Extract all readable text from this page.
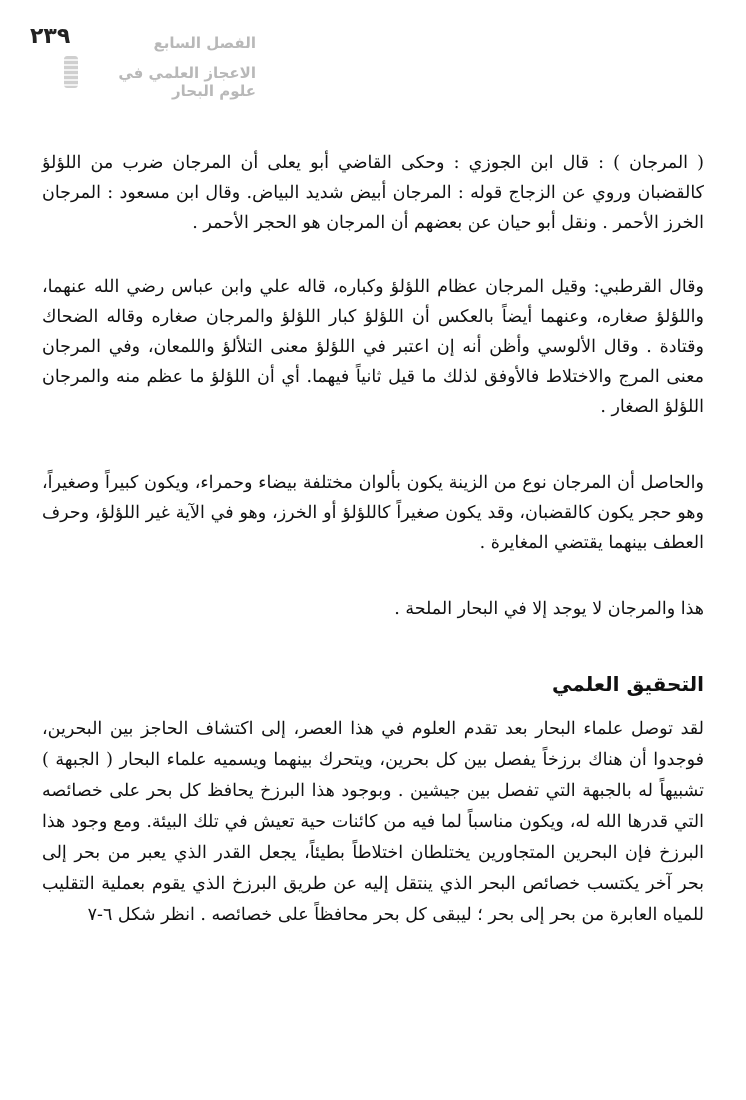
٢٣٩	الفصل السابع
الاعجاز العلمي في علوم البحار

( المرجان ) : قال ابن الجوزي : وحكى القاضي أبو يعلى أن المرجان ضرب من اللؤلؤ كالقضبان وروي عن الزجاج قوله : المرجان أبيض شديد البياض. وقال ابن مسعود : المرجان الخرز الأحمر . ونقل أبو حيان عن بعضهم أن المرجان هو الحجر الأحمر .

وقال القرطبي: وقيل المرجان عظام اللؤلؤ وكباره، قاله علي وابن عباس رضي الله عنهما، واللؤلؤ صغاره، وعنهما أيضاً بالعكس أن اللؤلؤ كبار اللؤلؤ والمرجان صغاره وقاله الضحاك وقتادة . وقال الألوسي وأظن أنه إن اعتبر في اللؤلؤ معنى التلألؤ واللمعان، وفي المرجان معنى المرج والاختلاط فالأوفق لذلك ما قيل ثانياً فيهما. أي أن اللؤلؤ ما عظم منه والمرجان اللؤلؤ الصغار .

والحاصل أن المرجان نوع من الزينة يكون بألوان مختلفة بيضاء وحمراء، ويكون كبيراً وصغيراً، وهو حجر يكون كالقضبان، وقد يكون صغيراً كاللؤلؤ أو الخرز، وهو في الآية غير اللؤلؤ، وحرف العطف بينهما يقتضي المغايرة .

هذا والمرجان لا يوجد إلا في البحار الملحة .

التحقيق العلمي

لقد توصل علماء البحار بعد تقدم العلوم في هذا العصر، إلى اكتشاف الحاجز بين البحرين، فوجدوا أن هناك برزخاً يفصل بين كل بحرين، ويتحرك بينهما ويسميه علماء البحار ( الجبهة ) تشبيهاً له بالجبهة التي تفصل بين جيشين . وبوجود هذا البرزخ يحافظ كل بحر على خصائصه التي قدرها الله له، ويكون مناسباً لما فيه من كائنات حية تعيش في تلك البيئة. ومع وجود هذا البرزخ فإن البحرين المتجاورين يختلطان اختلاطاً بطيئاً، يجعل القدر الذي يعبر من بحر إلى بحر آخر يكتسب خصائص البحر الذي ينتقل إليه عن طريق البرزخ الذي يقوم بعملية التقليب للمياه العابرة من بحر إلى بحر ؛ ليبقى كل بحر محافظاً على خصائصه . انظر شكل ٦-٧
